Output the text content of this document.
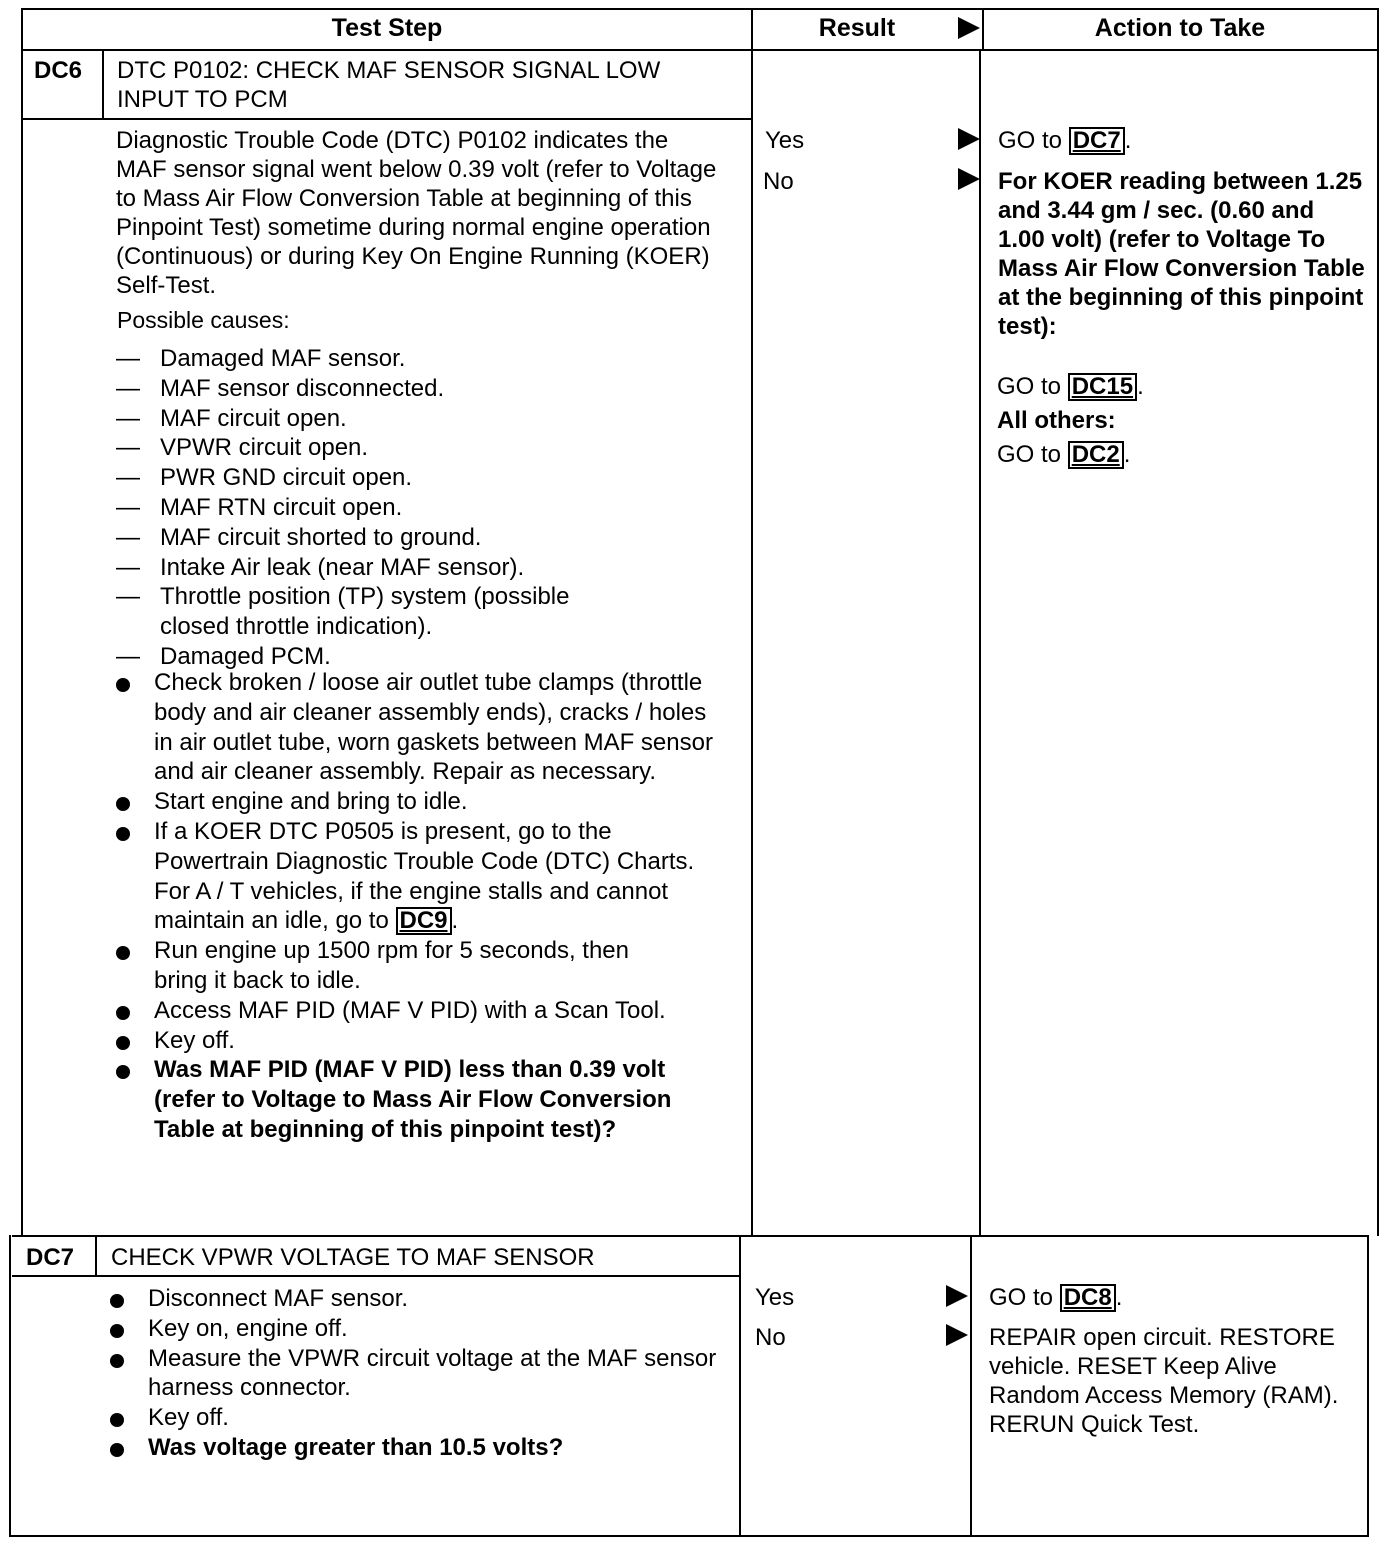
Test Step	Result	Action to Take
DC6 DTC P0102: CHECK MAF SENSOR SIGNAL LOW INPUT TO PCM
Diagnostic Trouble Code (DTC) P0102 indicates the MAF sensor signal went below 0.39 volt (refer to Voltage to Mass Air Flow Conversion Table at beginning of this Pinpoint Test) sometime during normal engine operation (Continuous) or during Key On Engine Running (KOER) Self-Test.
Possible causes:
— Damaged MAF sensor.
— MAF sensor disconnected.
— MAF circuit open.
— VPWR circuit open.
— PWR GND circuit open.
— MAF RTN circuit open.
— MAF circuit shorted to ground.
— Intake Air leak (near MAF sensor).
— Throttle position (TP) system (possible closed throttle indication).
— Damaged PCM.
Check broken / loose air outlet tube clamps (throttle body and air cleaner assembly ends), cracks / holes in air outlet tube, worn gaskets between MAF sensor and air cleaner assembly. Repair as necessary.
Start engine and bring to idle.
If a KOER DTC P0505 is present, go to the Powertrain Diagnostic Trouble Code (DTC) Charts. For A / T vehicles, if the engine stalls and cannot maintain an idle, go to DC9 .
Run engine up 1500 rpm for 5 seconds, then bring it back to idle.
Access MAF PID (MAF V PID) with a Scan Tool.
Key off.
Was MAF PID (MAF V PID) less than 0.39 volt (refer to Voltage to Mass Air Flow Conversion Table at beginning of this pinpoint test)?
Yes
No
GO to DC7 .
For KOER reading between 1.25 and 3.44 gm / sec. (0.60 and 1.00 volt) (refer to Voltage To Mass Air Flow Conversion Table at the beginning of this pinpoint test):
GO to DC15 .
All others:
GO to DC2 .
DC7 CHECK VPWR VOLTAGE TO MAF SENSOR
Disconnect MAF sensor.
Key on, engine off.
Measure the VPWR circuit voltage at the MAF sensor harness connector.
Key off.
Was voltage greater than 10.5 volts?
Yes
No
GO to DC8 .
REPAIR open circuit. RESTORE vehicle. RESET Keep Alive Random Access Memory (RAM). RERUN Quick Test.
